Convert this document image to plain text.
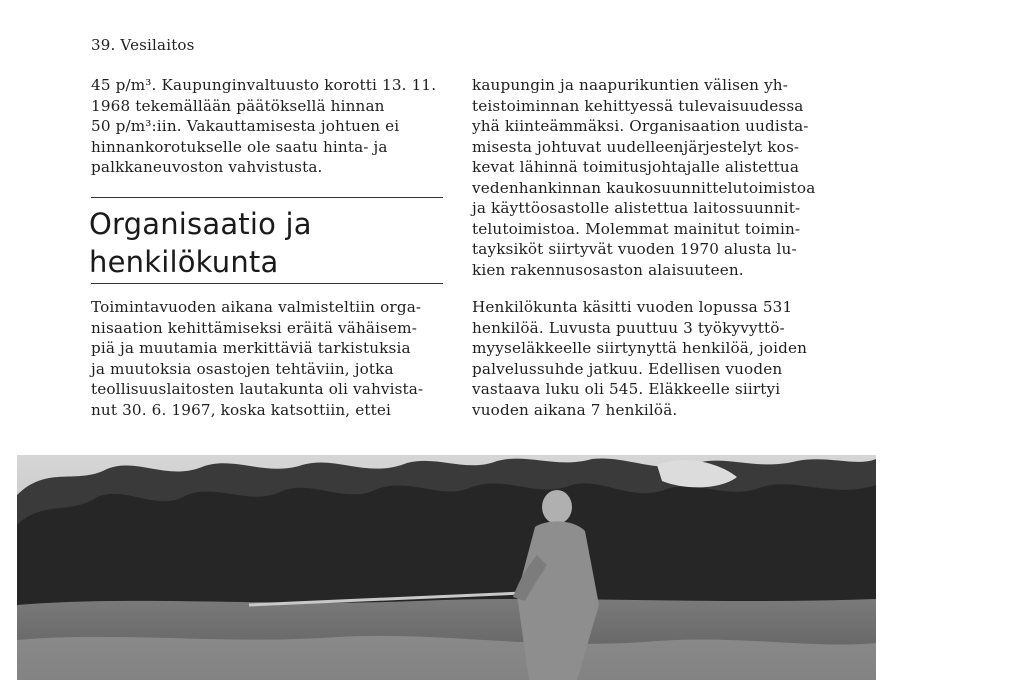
39. Vesilaitos

45 p/m³. Kaupunginvaltuusto korotti 13. 11.
1968 tekemällään päätöksellä hinnan
50 p/m³:iin. Vakauttamisesta johtuen ei
hinnankorotukselle ole saatu hinta- ja
palkkaneuvoston vahvistusta.

Organisaatio ja
henkilökunta

Toimintavuoden aikana valmisteltiin orga-
nisaation kehittämiseksi eräitä vähäisem-
piä ja muutamia merkittäviä tarkistuksia
ja muutoksia osastojen tehtäviin, jotka
teollisuuslaitosten lautakunta oli vahvista-
nut 30. 6. 1967, koska katsottiin, ettei

kaupungin ja naapurikuntien välisen yh-
teistoiminnan kehittyessä tulevaisuudessa
yhä kiinteämmäksi. Organisaation uudista-
misesta johtuvat uudelleenjärjestelyt kos-
kevat lähinnä toimitusjohtajalle alistettua
vedenhankinnan kaukosuunnittelutoimistoa
ja käyttöosastolle alistettua laitossuunnit-
telutoimistoa. Molemmat mainitut toimin-
tayksiköt siirtyvät vuoden 1970 alusta lu-
kien rakennusosaston alaisuuteen.

Henkilökunta käsitti vuoden lopussa 531
henkilöä. Luvusta puuttuu 3 työkyvyttö-
myyseläkkeelle siirtynyttä henkilöä, joiden
palvelussuhde jatkuu. Edellisen vuoden
vastaava luku oli 545. Eläkkeelle siirtyi
vuoden aikana 7 henkilöä.
